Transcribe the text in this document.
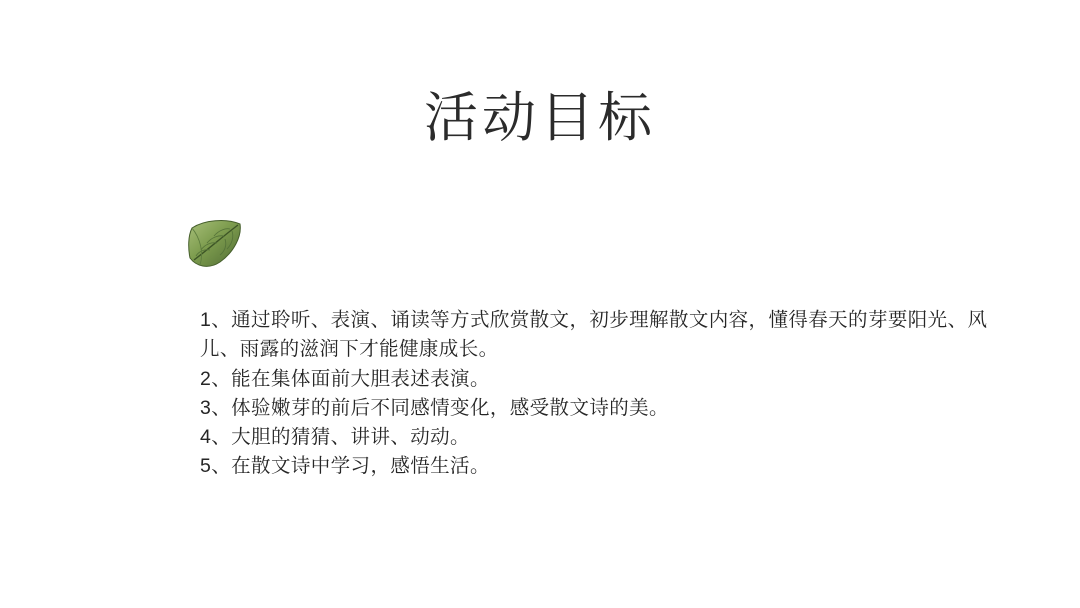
活动目标
1、通过聆听、表演、诵读等方式欣赏散文，初步理解散文内容，懂得春天的芽要阳光、风儿、雨露的滋润下才能健康成长。
2、能在集体面前大胆表述表演。
3、体验嫩芽的前后不同感情变化，感受散文诗的美。
4、大胆的猜猜、讲讲、动动。
5、在散文诗中学习，感悟生活。
